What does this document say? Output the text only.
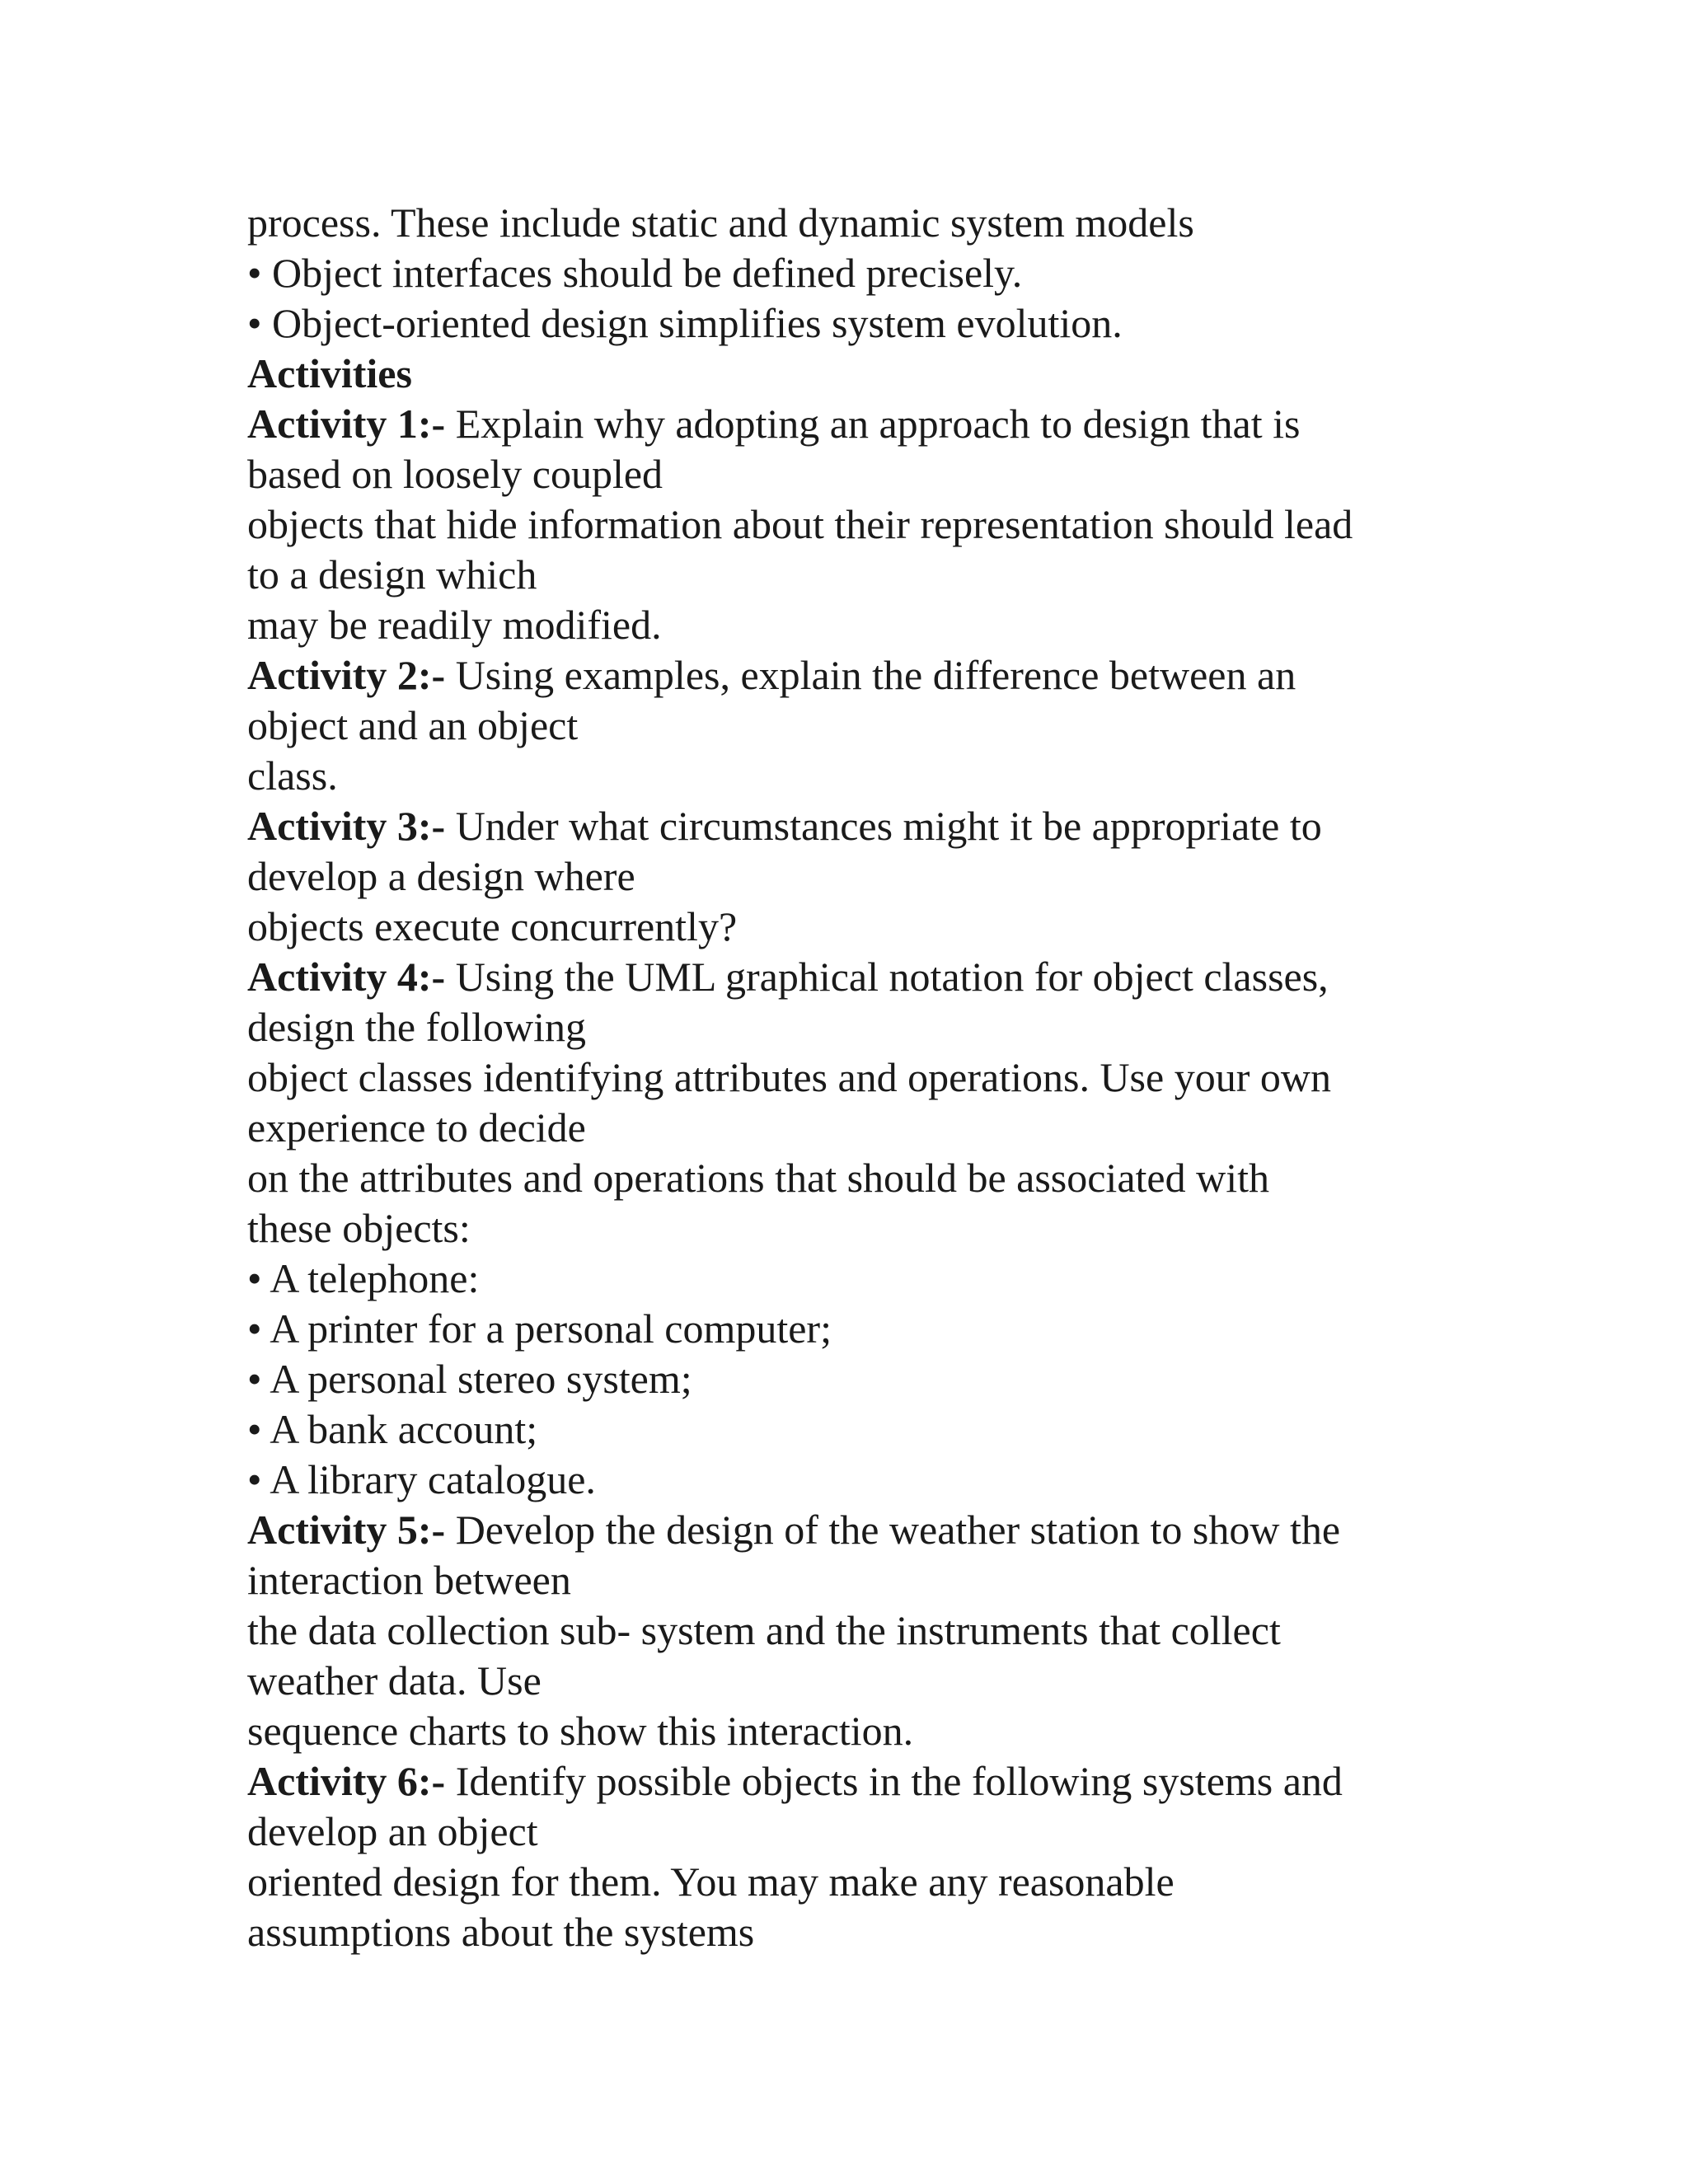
process. These include static and dynamic system models
• Object interfaces should be defined precisely.
• Object-oriented design simplifies system evolution.
Activities
Activity 1:- Explain why adopting an approach to design that is
based on loosely coupled
objects that hide information about their representation should lead
to a design which
may be readily modified.
Activity 2:- Using examples, explain the difference between an
object and an object
class.
Activity 3:- Under what circumstances might it be appropriate to
develop a design where
objects execute concurrently?
Activity 4:- Using the UML graphical notation for object classes,
design the following
object classes identifying attributes and operations. Use your own
experience to decide
on the attributes and operations that should be associated with
these objects:
• A telephone:
• A printer for a personal computer;
• A personal stereo system;
• A bank account;
• A library catalogue.
Activity 5:- Develop the design of the weather station to show the
interaction between
the data collection sub- system and the instruments that collect
weather data. Use
sequence charts to show this interaction.
Activity 6:- Identify possible objects in the following systems and
develop an object
oriented design for them. You may make any reasonable
assumptions about the systems
